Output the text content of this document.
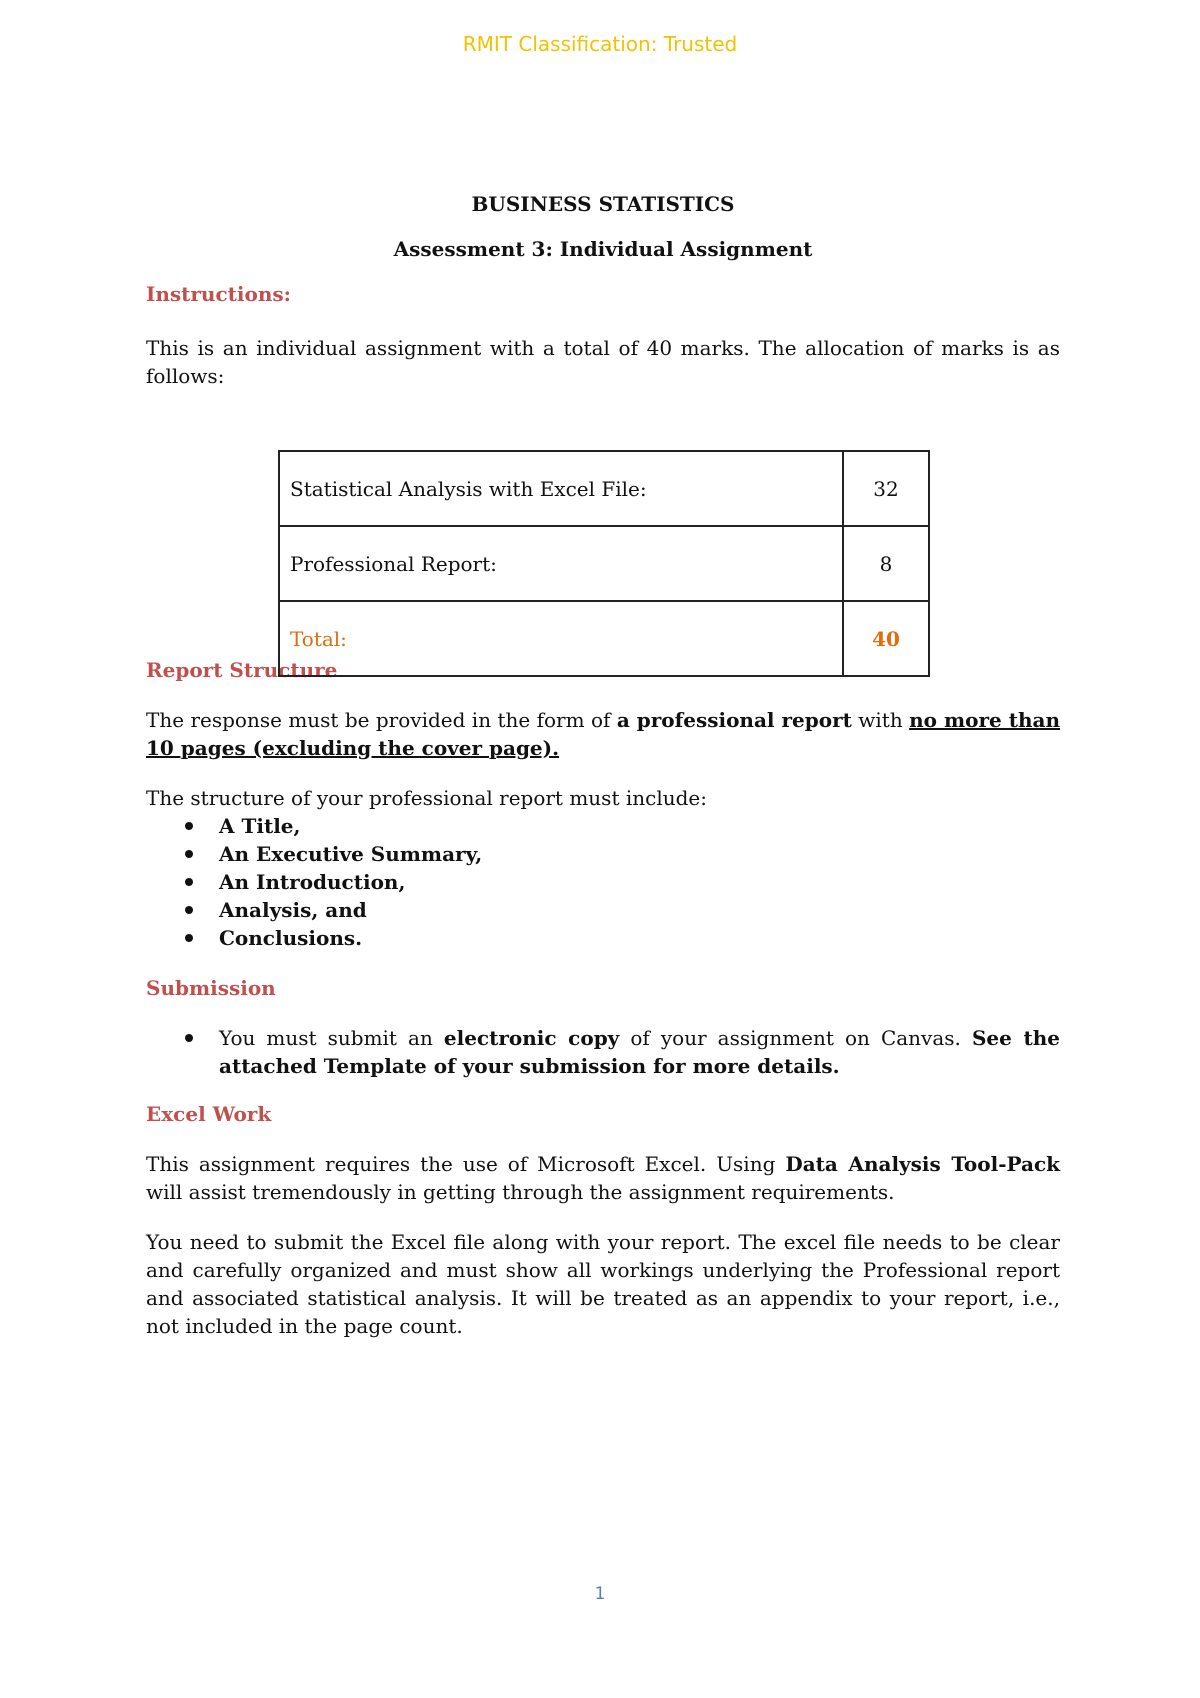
RMIT Classification: Trusted
BUSINESS STATISTICS
Assessment 3: Individual Assignment
Instructions:

This is an individual assignment with a total of 40 marks. The allocation of marks is as follows:

Statistical Analysis with Excel File:	32
Professional Report:	8
Total:	40
Report Structure

The response must be provided in the form of a professional report with no more than 10 pages (excluding the cover page).

The structure of your professional report must include:

A Title,
An Executive Summary,
An Introduction,
Analysis, and
Conclusions.
Submission
You must submit an electronic copy of your assignment on Canvas. See the attached Template of your submission for more details.
Excel Work

This assignment requires the use of Microsoft Excel. Using Data Analysis Tool-Pack will assist tremendously in getting through the assignment requirements.

You need to submit the Excel file along with your report. The excel file needs to be clear and carefully organized and must show all workings underlying the Professional report and associated statistical analysis. It will be treated as an appendix to your report, i.e., not included in the page count.

1
